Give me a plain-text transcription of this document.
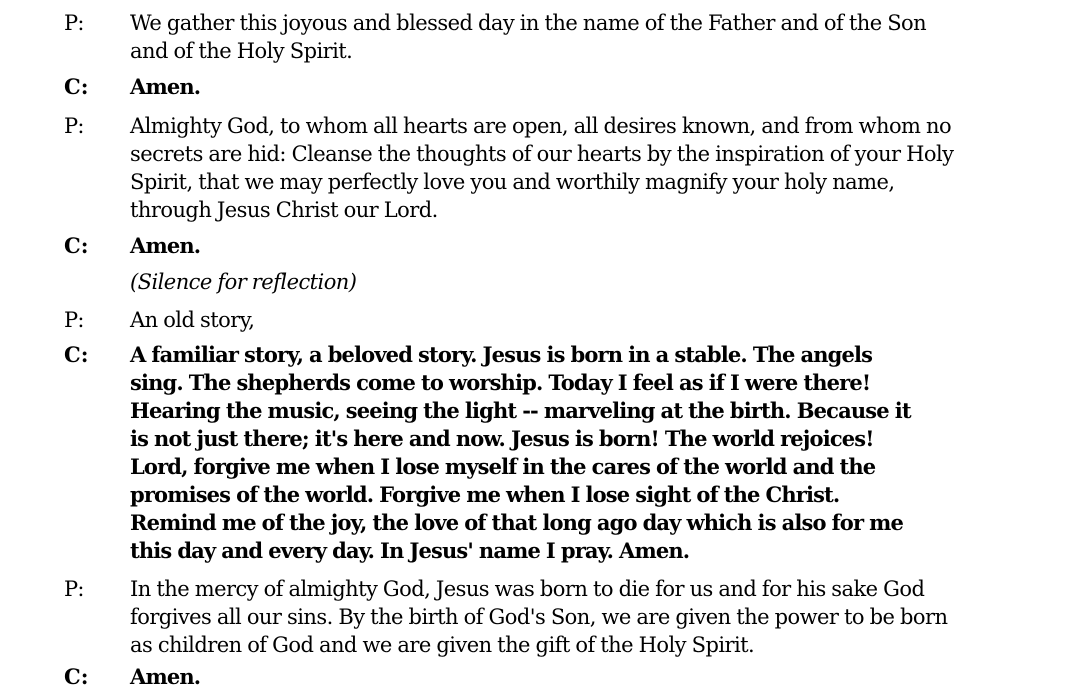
P: We gather this joyous and blessed day in the name of the Father and of the Son
and of the Holy Spirit.
C: Amen.
P: Almighty God, to whom all hearts are open, all desires known, and from whom no
secrets are hid: Cleanse the thoughts of our hearts by the inspiration of your Holy
Spirit, that we may perfectly love you and worthily magnify your holy name,
through Jesus Christ our Lord.
C: Amen.
(Silence for reflection)
P: An old story,
C: A familiar story, a beloved story. Jesus is born in a stable. The angels
sing. The shepherds come to worship. Today I feel as if I were there!
Hearing the music, seeing the light -- marveling at the birth. Because it
is not just there; it's here and now. Jesus is born! The world rejoices!
Lord, forgive me when I lose myself in the cares of the world and the
promises of the world. Forgive me when I lose sight of the Christ.
Remind me of the joy, the love of that long ago day which is also for me
this day and every day. In Jesus' name I pray. Amen.
P: In the mercy of almighty God, Jesus was born to die for us and for his sake God
forgives all our sins. By the birth of God's Son, we are given the power to be born
as children of God and we are given the gift of the Holy Spirit.
C: Amen.
